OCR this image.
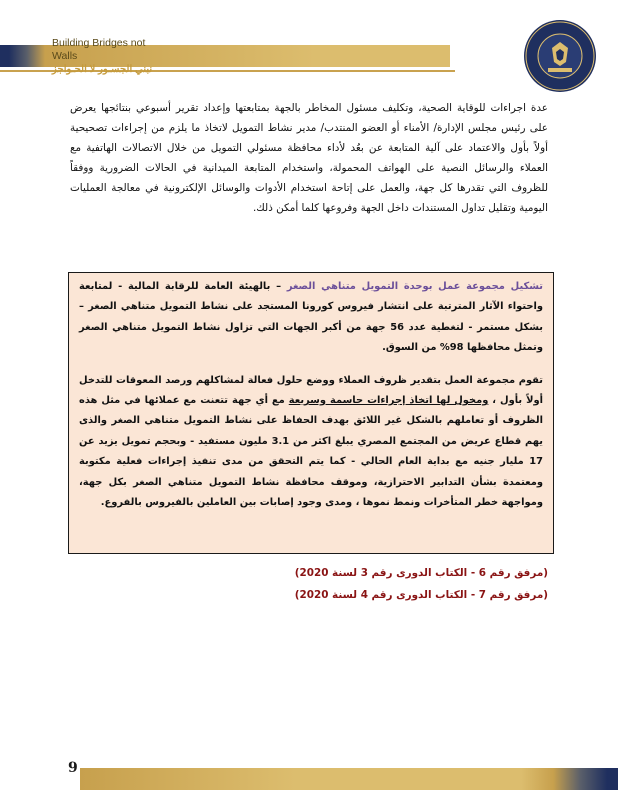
Building Bridges not Walls
نبني الجسـور لا الحـواجز
عدة اجراءات للوقاية الصحية، وتكليف مسئول المخاطر بالجهة بمتابعتها وإعداد تقرير أسبوعي بنتائجها يعرض على رئيس مجلس الإدارة/ الأمناء أو العضو المنتدب/ مدير نشاط التمويل لاتخاذ ما يلزم من إجراءات تصحيحية أولاً بأول والاعتماد على آلية المتابعة عن بعُد لأداء محافظة مسئولي التمويل من خلال الاتصالات الهاتفية مع العملاء والرسائل النصية على الهواتف المحمولة، واستخدام المتابعة الميدانية في الحالات الضرورية ووفقاً للظروف التي تقدرها كل جهة، والعمل على إتاحة استخدام الأدوات والوسائل الإلكترونية في معالجة العمليات اليومية وتقليل تداول المستندات داخل الجهة وفروعها كلما أمكن ذلك.

تشكيل مجموعة عمل بوحدة التمويل متناهي الصغر – بالهيئة العامة للرقابة المالية - لمتابعة واحتواء الآثار المترتبة على انتشار فيروس كورونا المستجد على نشاط التمويل متناهي الصغر – بشكل مستمر - لتغطية عدد 56 جهة من أكبر الجهات التي تزاول نشاط التمويل متناهي الصغر وتمثل محافظها 98% من السوق.

تقوم مجموعة العمل بتقدير ظروف العملاء ووضع حلول فعالة لمشاكلهم ورصد المعوقات للتدخل أولاً بأول ، ومخول لها اتخاذ إجراءات حاسمة وسريعة مع أي جهة تتعنت مع عملائها في مثل هذه الظروف أو تعاملهم بالشكل غير اللائق بهدف الحفاظ على نشاط التمويل متناهي الصغر والذى يهم قطاع عريض من المجتمع المصري يبلغ اكثر من 3.1 مليون مستفيد - وبحجم تمويل يزيد عن 17 مليار جنيه مع بداية العام الحالي - كما يتم التحقق من مدى تنفيذ إجراءات فعلية مكتوبة ومعتمدة بشأن التدابير الاحترازية، وموقف محافظة نشاط التمويل متناهي الصغر بكل جهة، ومواجهة خطر المتأخرات ونمط نموها ، ومدى وجود إصابات بين العاملين بالفيروس بالفروع.

(مرفق رقم 6 - الكتاب الدورى رقم 3 لسنة 2020)
(مرفق رقم 7 - الكتاب الدورى رقم 4 لسنة 2020)
9
